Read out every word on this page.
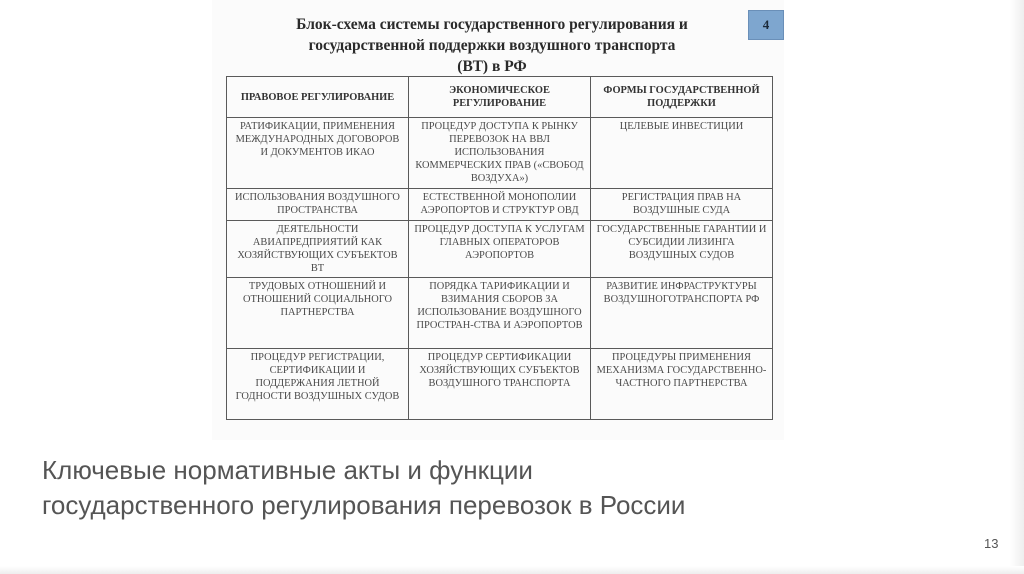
Блок-схема системы государственного регулирования и
государственной поддержки воздушного транспорта
(ВТ) в РФ
4
ПРАВОВОЕ РЕГУЛИРОВАНИЕ	ЭКОНОМИЧЕСКОЕ РЕГУЛИРОВАНИЕ	ФОРМЫ ГОСУДАРСТВЕННОЙ ПОДДЕРЖКИ
РАТИФИКАЦИИ, ПРИМЕНЕНИЯ МЕЖДУНАРОДНЫХ ДОГОВОРОВ И ДОКУМЕНТОВ ИКАО	ПРОЦЕДУР ДОСТУПА К РЫНКУ ПЕРЕВОЗОК НА ВВЛ ИСПОЛЬЗОВАНИЯ КОММЕРЧЕСКИХ ПРАВ («СВОБОД ВОЗДУХА»)	ЦЕЛЕВЫЕ ИНВЕСТИЦИИ
ИСПОЛЬЗОВАНИЯ ВОЗДУШНОГО ПРОСТРАНСТВА	ЕСТЕСТВЕННОЙ МОНОПОЛИИ АЭРОПОРТОВ И СТРУКТУР ОВД	РЕГИСТРАЦИЯ ПРАВ НА ВОЗДУШНЫЕ СУДА
ДЕЯТЕЛЬНОСТИ АВИАПРЕДПРИЯТИЙ КАК ХОЗЯЙСТВУЮЩИХ СУБЪЕКТОВ ВТ	ПРОЦЕДУР ДОСТУПА К УСЛУГАМ ГЛАВНЫХ ОПЕРАТОРОВ АЭРОПОРТОВ	ГОСУДАРСТВЕННЫЕ ГАРАНТИИ И СУБСИДИИ ЛИЗИНГА ВОЗДУШНЫХ СУДОВ
ТРУДОВЫХ ОТНОШЕНИЙ И ОТНОШЕНИЙ СОЦИАЛЬНОГО ПАРТНЕРСТВА	ПОРЯДКА ТАРИФИКАЦИИ И ВЗИМАНИЯ СБОРОВ ЗА ИСПОЛЬЗОВАНИЕ ВОЗДУШНОГО ПРОСТРАН-СТВА И АЭРОПОРТОВ	РАЗВИТИЕ ИНФРАСТРУКТУРЫ ВОЗДУШНОГОТРАНСПОРТА РФ
ПРОЦЕДУР РЕГИСТРАЦИИ, СЕРТИФИКАЦИИ И ПОДДЕРЖАНИЯ ЛЕТНОЙ ГОДНОСТИ ВОЗДУШНЫХ СУДОВ	ПРОЦЕДУР СЕРТИФИКАЦИИ ХОЗЯЙСТВУЮЩИХ СУБЪЕКТОВ ВОЗДУШНОГО ТРАНСПОРТА	ПРОЦЕДУРЫ ПРИМЕНЕНИЯ МЕХАНИЗМА ГОСУДАРСТВЕННО-ЧАСТНОГО ПАРТНЕРСТВА
Ключевые нормативные акты и функции государственного регулирования перевозок в России
13
